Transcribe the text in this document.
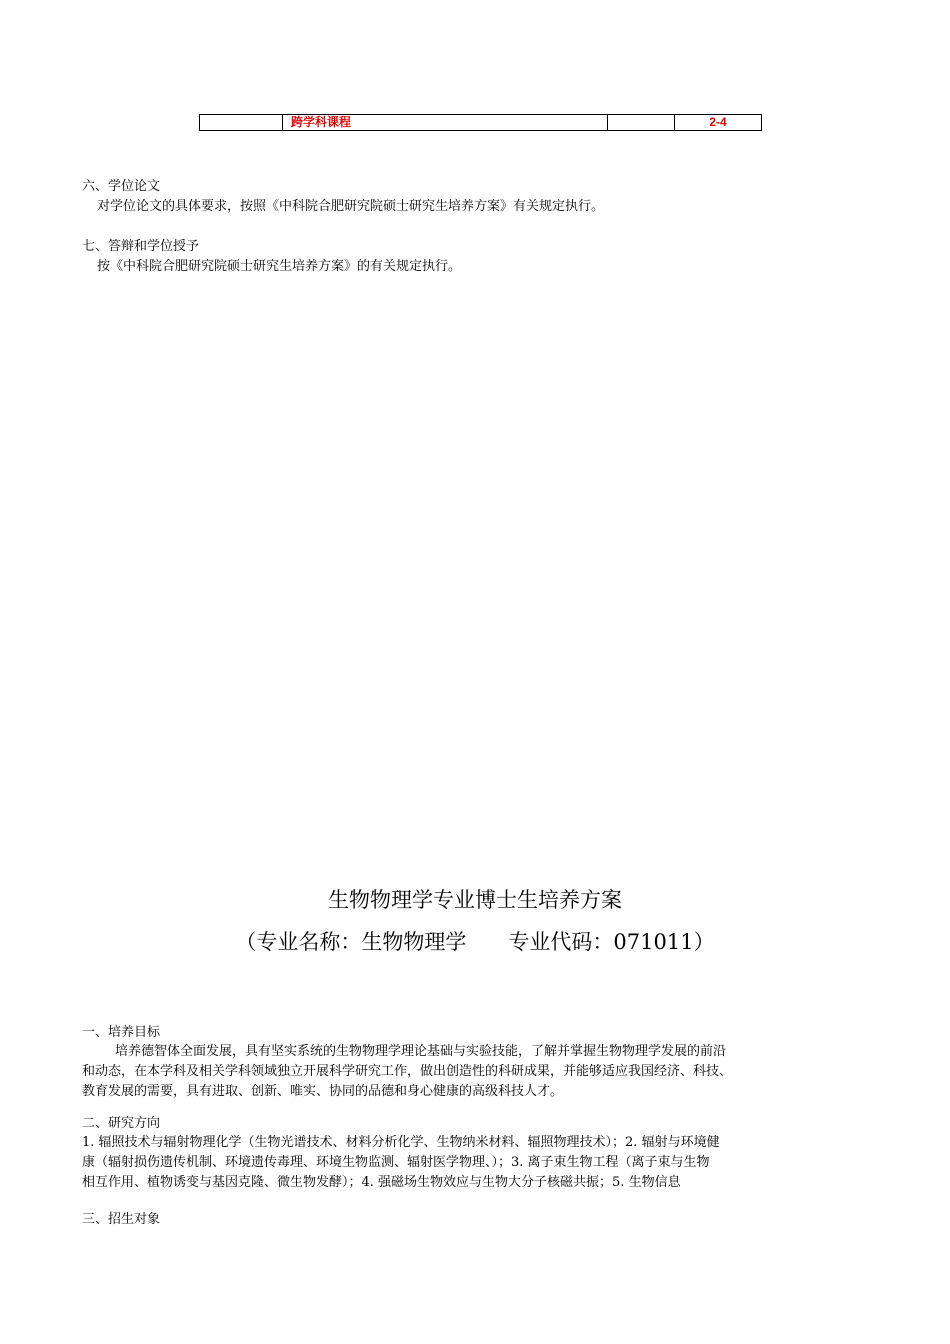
	跨学科课程		2-4
六、学位论文
对学位论文的具体要求，按照《中科院合肥研究院硕士研究生培养方案》有关规定执行。
七、答辩和学位授予
按《中科院合肥研究院硕士研究生培养方案》的有关规定执行。
生物物理学专业博士生培养方案
（专业名称：生物物理学　　专业代码：071011）
一、培养目标
培养德智体全面发展，具有坚实系统的生物物理学理论基础与实验技能，了解并掌握生物物理学发展的前沿
和动态，在本学科及相关学科领域独立开展科学研究工作，做出创造性的科研成果，并能够适应我国经济、科技、
教育发展的需要，具有进取、创新、唯实、协同的品德和身心健康的高级科技人才。
二、研究方向
1. 辐照技术与辐射物理化学（生物光谱技术、材料分析化学、生物纳米材料、辐照物理技术）；2. 辐射与环境健
康（辐射损伤遗传机制、环境遗传毒理、环境生物监测、辐射医学物理、）；3. 离子束生物工程（离子束与生物
相互作用、植物诱变与基因克隆、微生物发酵）；4. 强磁场生物效应与生物大分子核磁共振；5. 生物信息
三、招生对象
